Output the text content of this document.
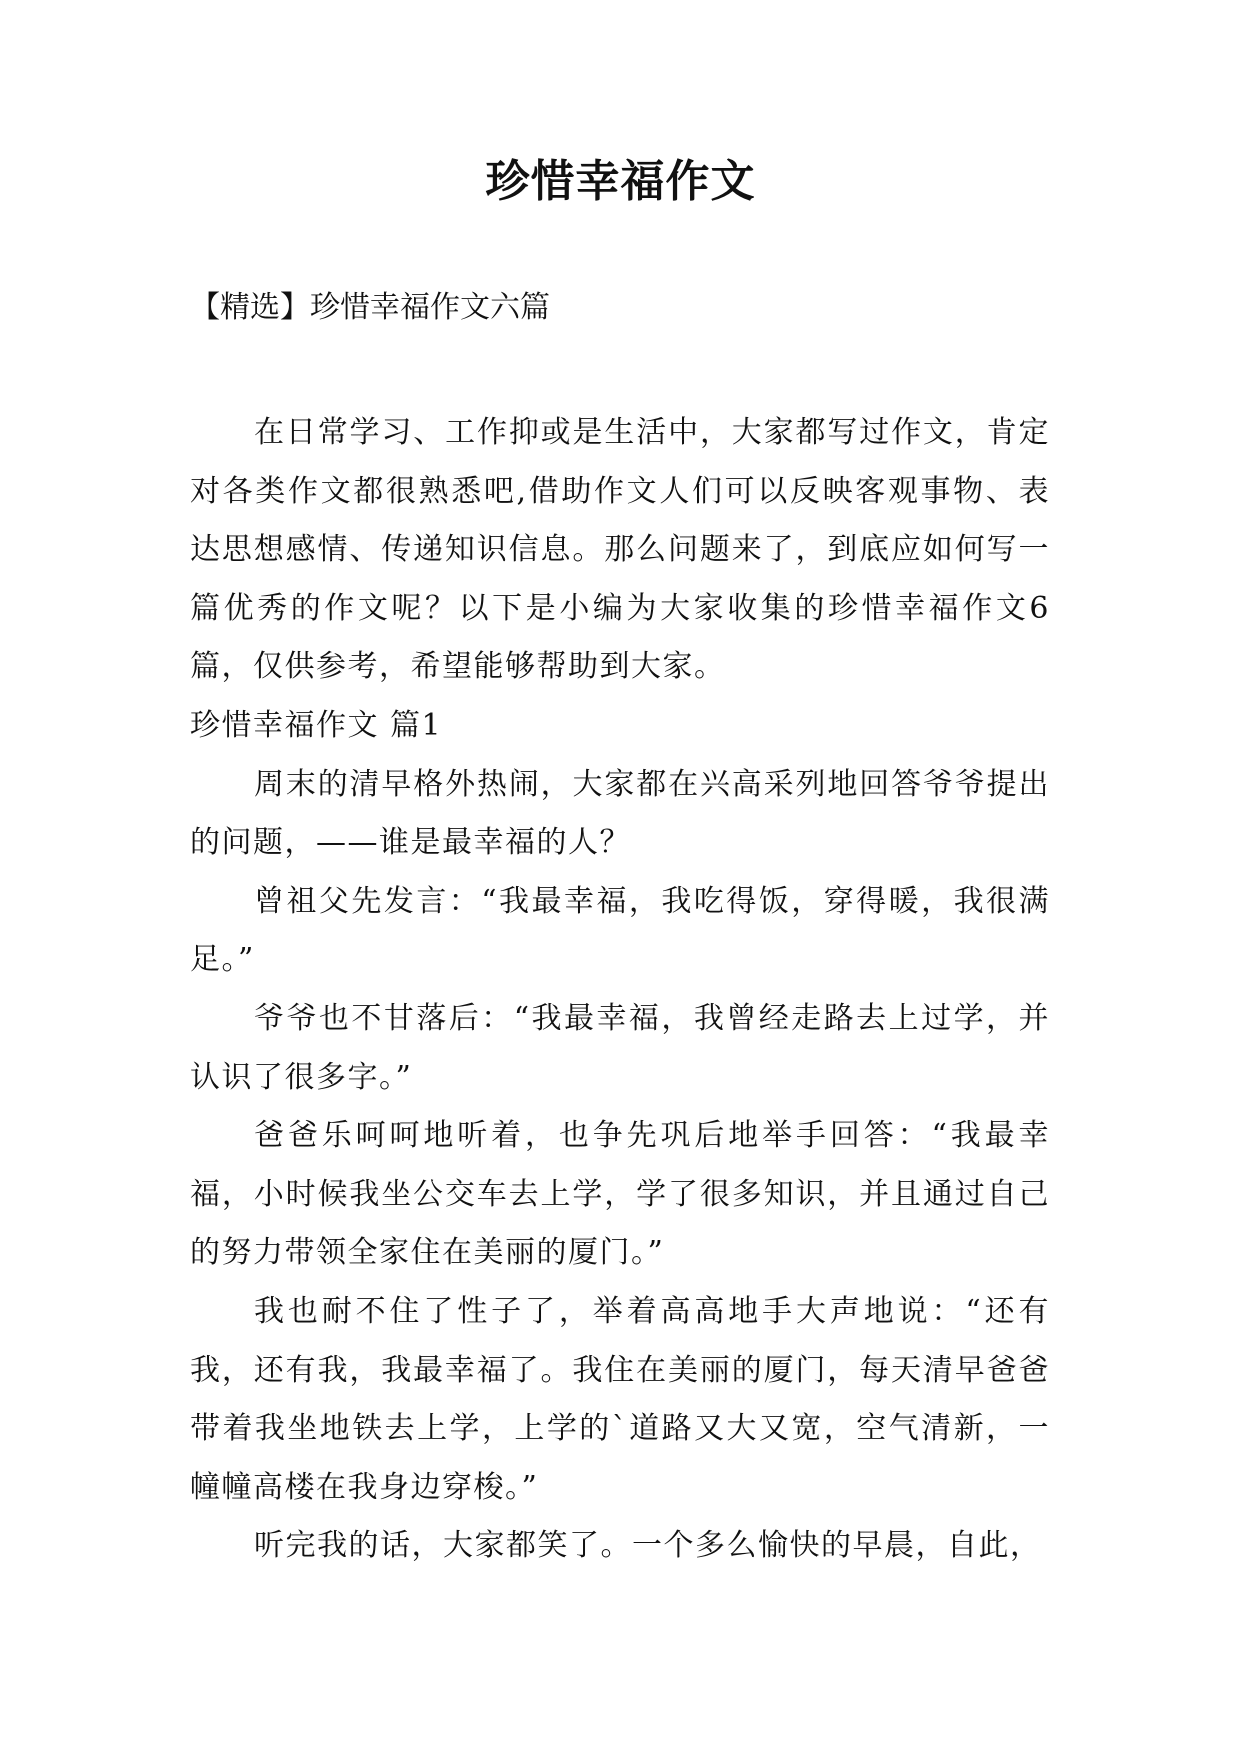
珍惜幸福作文
【精选】珍惜幸福作文六篇

在日常学习、工作抑或是生活中，大家都写过作文，肯定对各类作文都很熟悉吧,借助作文人们可以反映客观事物、表达思想感情、传递知识信息。那么问题来了，到底应如何写一篇优秀的作文呢？以下是小编为大家收集的珍惜幸福作文6篇，仅供参考，希望能够帮助到大家。

珍惜幸福作文 篇1

周末的清早格外热闹，大家都在兴高采列地回答爷爷提出的问题，——谁是最幸福的人？

曾祖父先发言：“我最幸福，我吃得饭，穿得暖，我很满足。”

爷爷也不甘落后：“我最幸福，我曾经走路去上过学，并认识了很多字。”

爸爸乐呵呵地听着，也争先巩后地举手回答：“我最幸福，小时候我坐公交车去上学，学了很多知识，并且通过自己的努力带领全家住在美丽的厦门。”

我也耐不住了性子了，举着高高地手大声地说：“还有我，还有我，我最幸福了。我住在美丽的厦门，每天清早爸爸带着我坐地铁去上学，上学的`道路又大又宽，空气清新，一幢幢高楼在我身边穿梭。”

听完我的话，大家都笑了。一个多么愉快的早晨，自此，
